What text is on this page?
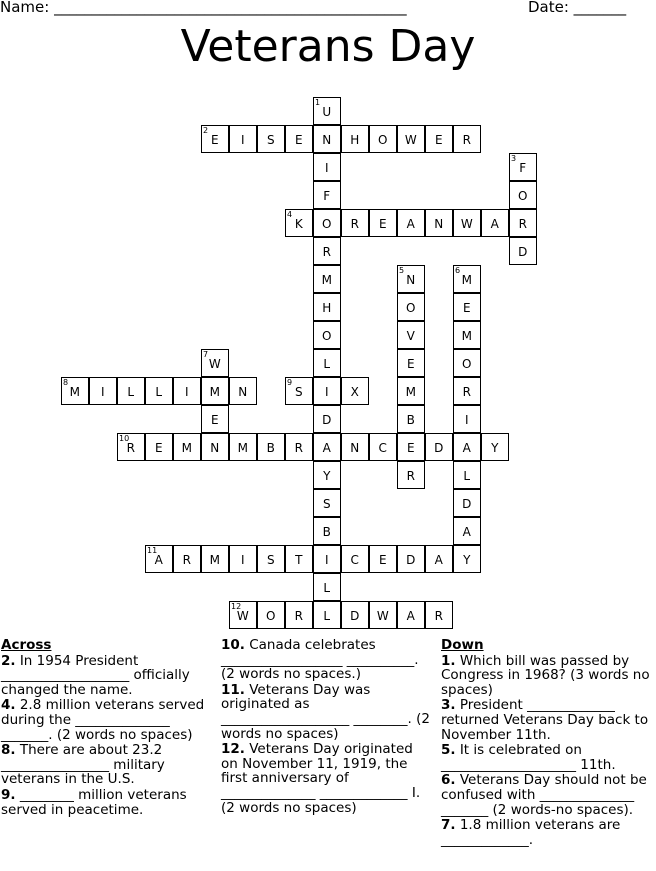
Name: _______________________________________________	Date: _______
Veterans Day
1
U
N
I
F
O
R
M
H
O
L
I
D
A
Y
S
B
I
L
L
2
E	I	S	E	H	O	W	E	R
3
F
O
R
D
4
K	R	E	A	N	W	A
5
N
O
V
E
M
B
E
R
6
M
E
M
O
R
I
A
L
D
A
Y
7
W
M
E
N
8
M	I	L	L	I	N
9
S	X
10
R	E	M	M	B	R	N	C	D	Y
11
A	R	M	I	S	T	C	E	D	A
12
W	O	R	D	W	A	R
Across
2. In 1954 President ___________________ officially changed the name.
4. 2.8 million veterans served during the ______________ _______. (2 words no spaces)
8. There are about 23.2 ________________ military veterans in the U.S.
9. ________ million veterans served in peacetime.
10. Canada celebrates __________________ __________. (2 words no spaces.)
11. Veterans Day was originated as ___________________ ________. (2 words no spaces)
12. Veterans Day originated on November 11, 1919, the first anniversary of ______________ _____________ I. (2 words no spaces)
Down
1. Which bill was passed by Congress in 1968? (3 words no spaces)
3. President _____________ returned Veterans Day back to November 11th.
5. It is celebrated on ____________________ 11th.
6. Veterans Day should not be confused with ______________ _______ (2 words-no spaces).
7. 1.8 million veterans are _____________.
